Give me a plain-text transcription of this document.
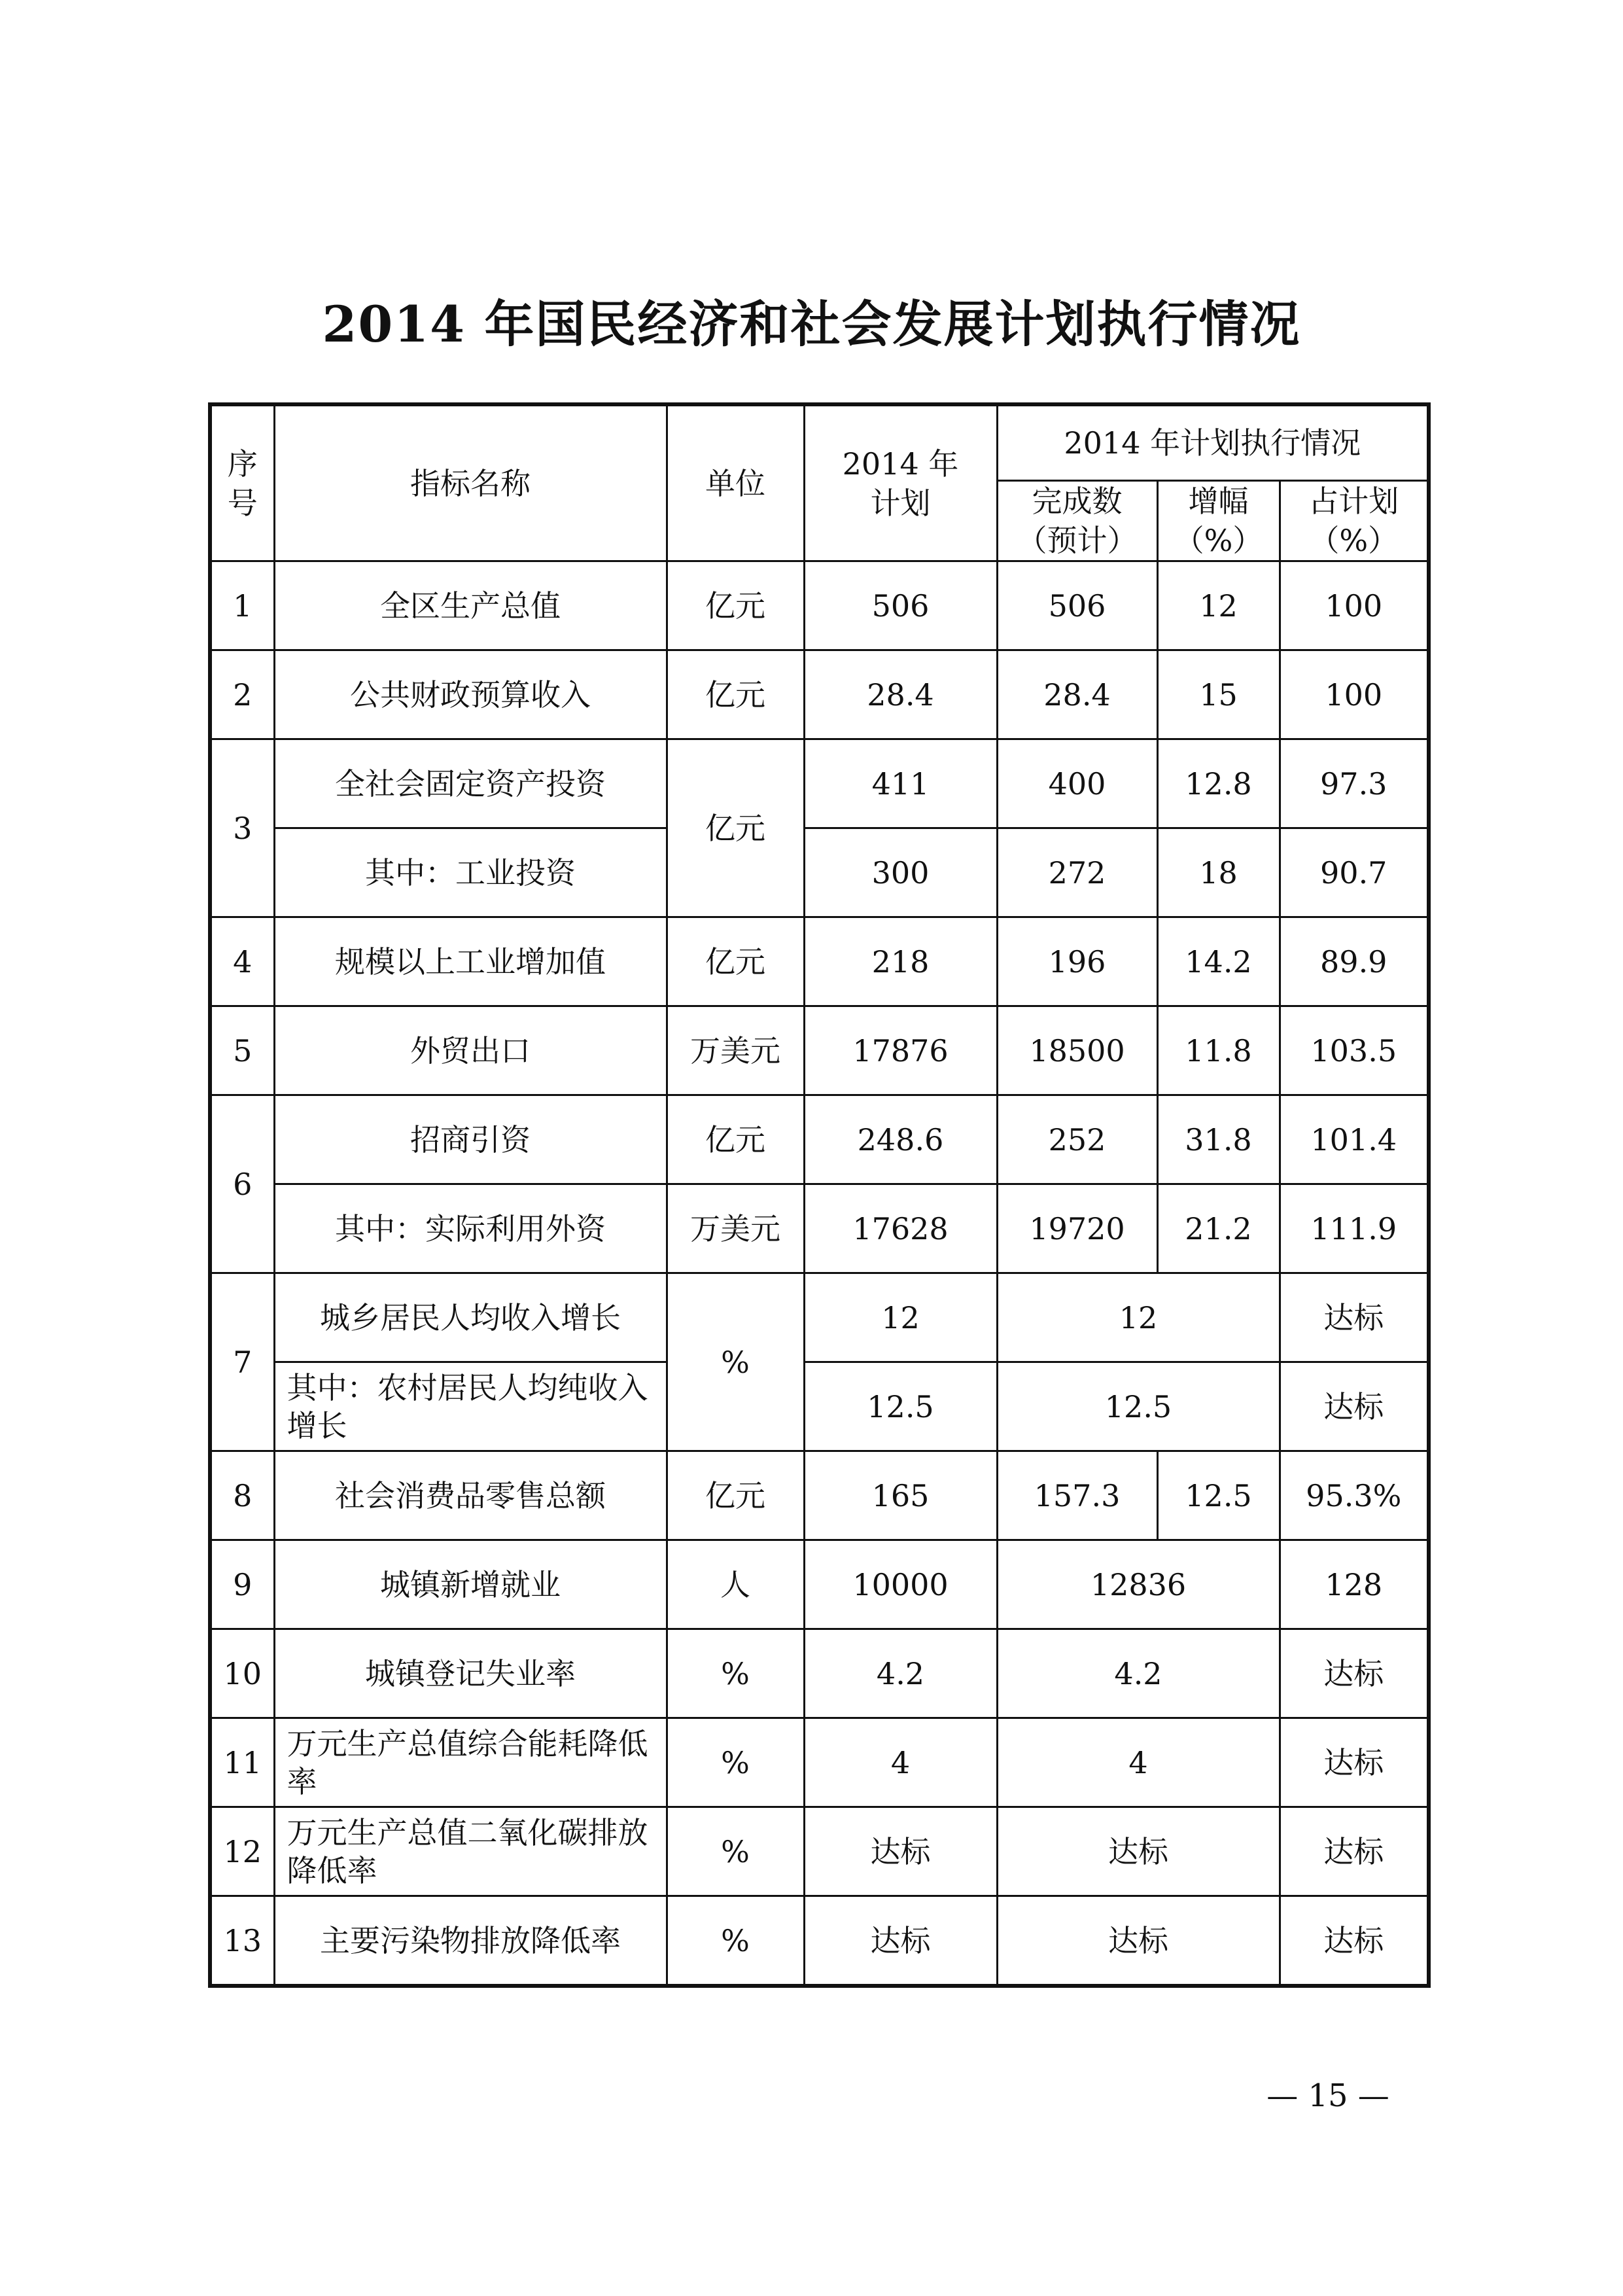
2014 年国民经济和社会发展计划执行情况
序号	指标名称	单位	2014 年计划	2014 年计划执行情况		

				完成数（预计）	增幅（%）	占计划（%）

1	全区生产总值	亿元	506	506	12	100
2	公共财政预算收入	亿元	28.4	28.4	15	100
3	全社会固定资产投资	亿元	411	400	12.8	97.3
	其中：工业投资		300	272	18	90.7
4	规模以上工业增加值	亿元	218	196	14.2	89.9
5	外贸出口	万美元	17876	18500	11.8	103.5
6	招商引资	亿元	248.6	252	31.8	101.4
	其中：实际利用外资	万美元	17628	19720	21.2	111.9
7	城乡居民人均收入增长	%	12	12		达标
	其中：农村居民人均纯收入增长		12.5	12.5		达标
8	社会消费品零售总额	亿元	165	157.3	12.5	95.3%
9	城镇新增就业	人	10000	12836		128
10	城镇登记失业率	%	4.2	4.2		达标
11	万元生产总值综合能耗降低率	%	4	4		达标
12	万元生产总值二氧化碳排放降低率	%	达标	达标		达标
13	主要污染物排放降低率	%	达标	达标		达标
— 15 —
